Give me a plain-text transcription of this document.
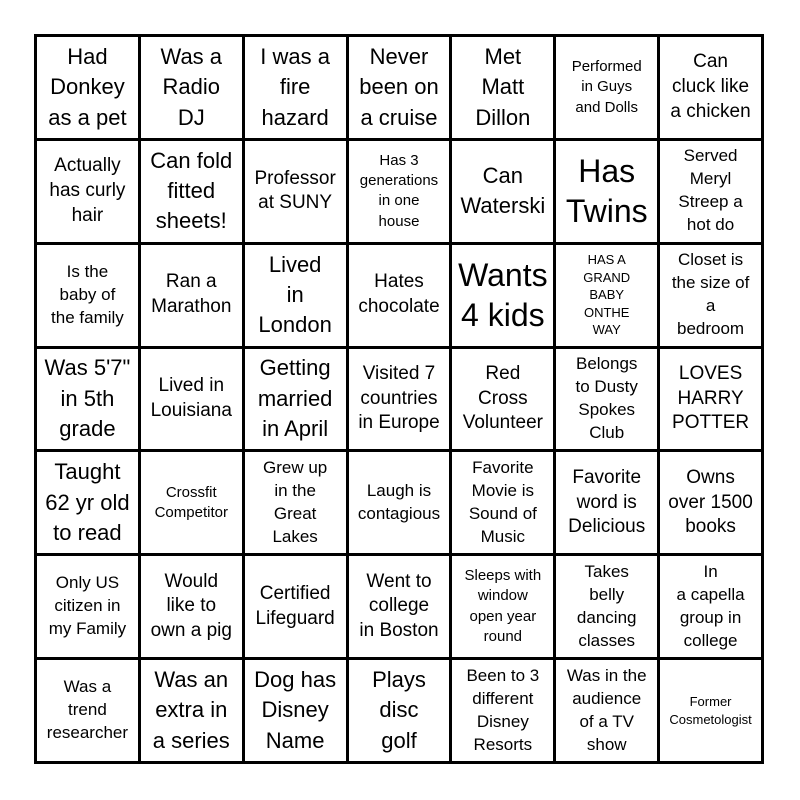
Had
Donkey
as a pet
Was a
Radio
DJ
I was a
fire
hazard
Never
been on
a cruise
Met
Matt
Dillon
Performed
in Guys
and Dolls
Can
cluck like
a chicken
Actually
has curly
hair
Can fold
fitted
sheets!
Professor
at SUNY
Has 3
generations
in one
house
Can
Waterski
Has
Twins
Served
Meryl
Streep a
hot do
Is the
baby of
the family
Ran a
Marathon
Lived
in
London
Hates
chocolate
Wants
4 kids
HAS A
GRAND
BABY
ONTHE
WAY
Closet is
the size of
a
bedroom
Was 5'7"
in 5th
grade
Lived in
Louisiana
Getting
married
in April
Visited 7
countries
in Europe
Red
Cross
Volunteer
Belongs
to Dusty
Spokes
Club
LOVES
HARRY
POTTER
Taught
62 yr old
to read
Crossfit
Competitor
Grew up
in the
Great
Lakes
Laugh is
contagious
Favorite
Movie is
Sound of
Music
Favorite
word is
Delicious
Owns
over 1500
books
Only US
citizen in
my Family
Would
like to
own a pig
Certified
Lifeguard
Went to
college
in Boston
Sleeps with
window
open year
round
Takes
belly
dancing
classes
In
a capella
group in
college
Was a
trend
researcher
Was an
extra in
a series
Dog has
Disney
Name
Plays
disc
golf
Been to 3
different
Disney
Resorts
Was in the
audience
of a TV
show
Former
Cosmetologist
